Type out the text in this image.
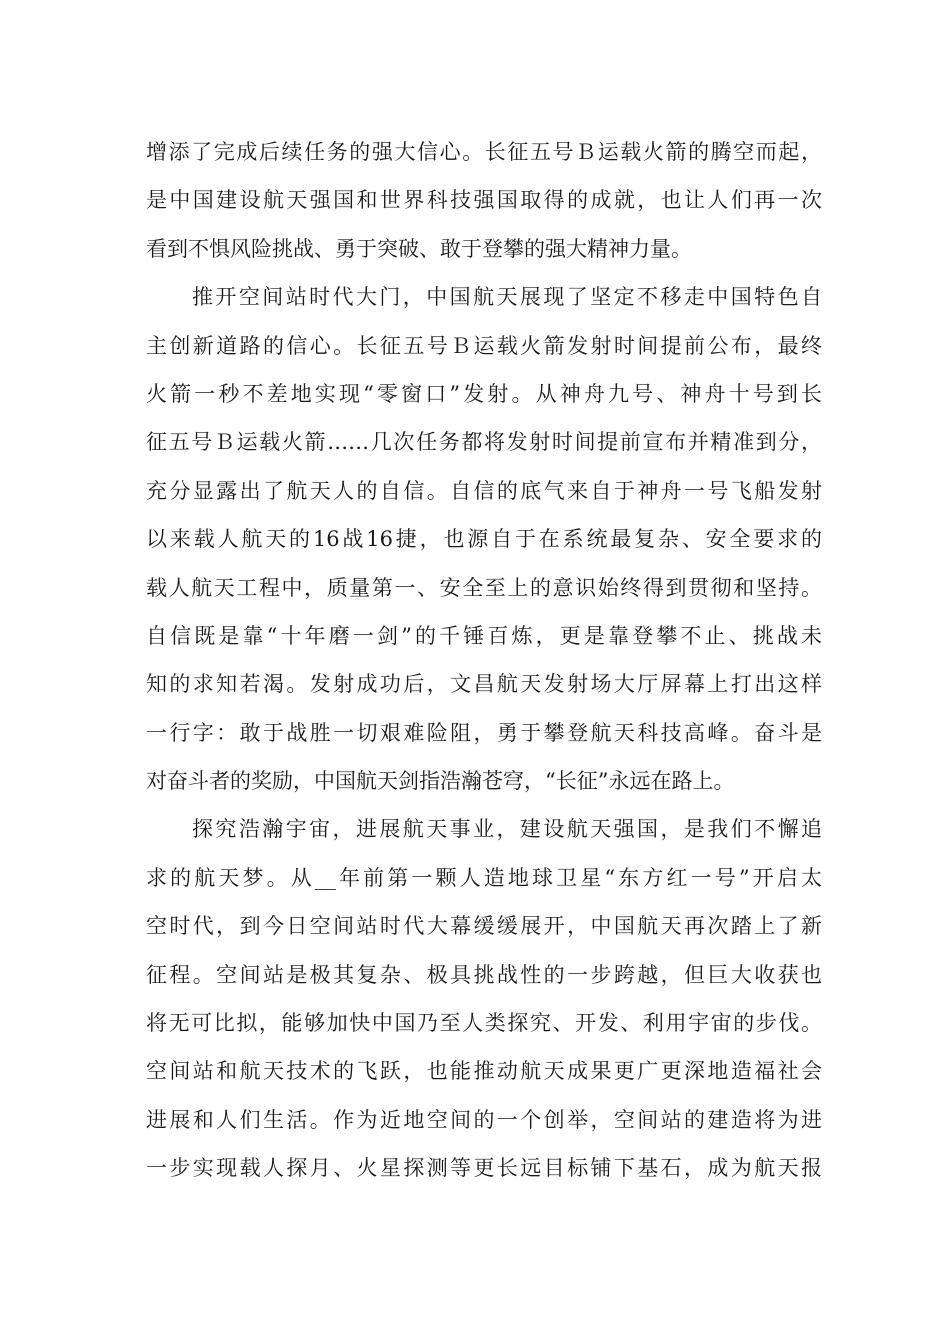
增添了完成后续任务的强大信心。长征五号Ｂ运载火箭的腾空而起，
是中国建设航天强国和世界科技强国取得的成就，也让人们再一次
看到不惧风险挑战、勇于突破、敢于登攀的强大精神力量。
推开空间站时代大门，中国航天展现了坚定不移走中国特色自
主创新道路的信心。长征五号Ｂ运载火箭发射时间提前公布，最终
火箭一秒不差地实现“零窗口”发射。从神舟九号、神舟十号到长
征五号Ｂ运载火箭……几次任务都将发射时间提前宣布并精准到分，
充分显露出了航天人的自信。自信的底气来自于神舟一号飞船发射
以来载人航天的16战16捷，也源自于在系统最复杂、安全要求的
载人航天工程中，质量第一、安全至上的意识始终得到贯彻和坚持。
自信既是靠“十年磨一剑”的千锤百炼，更是靠登攀不止、挑战未
知的求知若渴。发射成功后，文昌航天发射场大厅屏幕上打出这样
一行字：敢于战胜一切艰难险阻，勇于攀登航天科技高峰。奋斗是
对奋斗者的奖励，中国航天剑指浩瀚苍穹，“长征”永远在路上。
探究浩瀚宇宙，进展航天事业，建设航天强国，是我们不懈追
求的航天梦。从__年前第一颗人造地球卫星“东方红一号”开启太
空时代，到今日空间站时代大幕缓缓展开，中国航天再次踏上了新
征程。空间站是极其复杂、极具挑战性的一步跨越，但巨大收获也
将无可比拟，能够加快中国乃至人类探究、开发、利用宇宙的步伐。
空间站和航天技术的飞跃，也能推动航天成果更广更深地造福社会
进展和人们生活。作为近地空间的一个创举，空间站的建造将为进
一步实现载人探月、火星探测等更长远目标铺下基石，成为航天报
